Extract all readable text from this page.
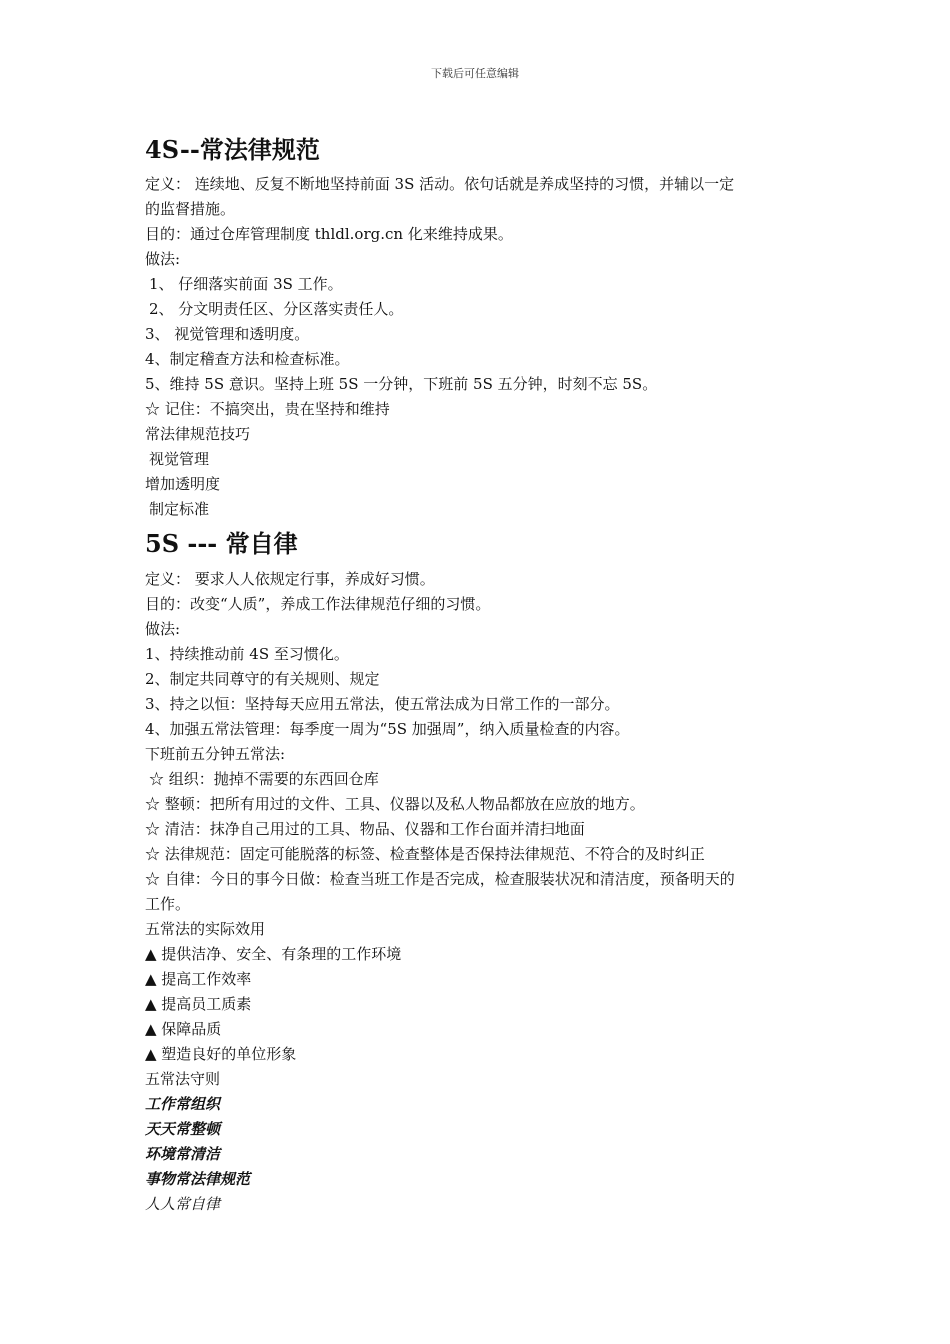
下载后可任意编辑
4S--常法律规范

定义： 连续地、反复不断地坚持前面 3S 活动。依句话就是养成坚持的习惯，并辅以一定

的监督措施。

目的：通过仓库管理制度 thldl.org.cn 化来维持成果。

做法:

1、 仔细落实前面 3S 工作。

2、 分文明责任区、分区落实责任人。

3、 视觉管理和透明度。

4、制定稽查方法和检查标准。

5、维持 5S 意识。坚持上班 5S 一分钟，下班前 5S 五分钟，时刻不忘 5S。

☆ 记住：不搞突出，贵在坚持和维持

常法律规范技巧

视觉管理

增加透明度

制定标准

5S --- 常自律

定义： 要求人人依规定行事，养成好习惯。

目的：改变“人质”，养成工作法律规范仔细的习惯。

做法:

1、持续推动前 4S 至习惯化。

2、制定共同尊守的有关规则、规定

3、持之以恒：坚持每天应用五常法，使五常法成为日常工作的一部分。

4、加强五常法管理：每季度一周为“5S 加强周”，纳入质量检查的内容。

下班前五分钟五常法:

☆ 组织：抛掉不需要的东西回仓库

☆ 整顿：把所有用过的文件、工具、仪器以及私人物品都放在应放的地方。

☆ 清洁：抹净自己用过的工具、物品、仪器和工作台面并清扫地面

☆ 法律规范：固定可能脱落的标签、检查整体是否保持法律规范、不符合的及时纠正

☆ 自律：今日的事今日做：检查当班工作是否完成，检查服装状况和清洁度，预备明天的

工作。

五常法的实际效用

▲ 提供洁净、安全、有条理的工作环境

▲ 提高工作效率

▲ 提高员工质素

▲ 保障品质

▲ 塑造良好的单位形象

五常法守则

工作常组织

天天常整顿

环境常清洁

事物常法律规范

人人常自律
